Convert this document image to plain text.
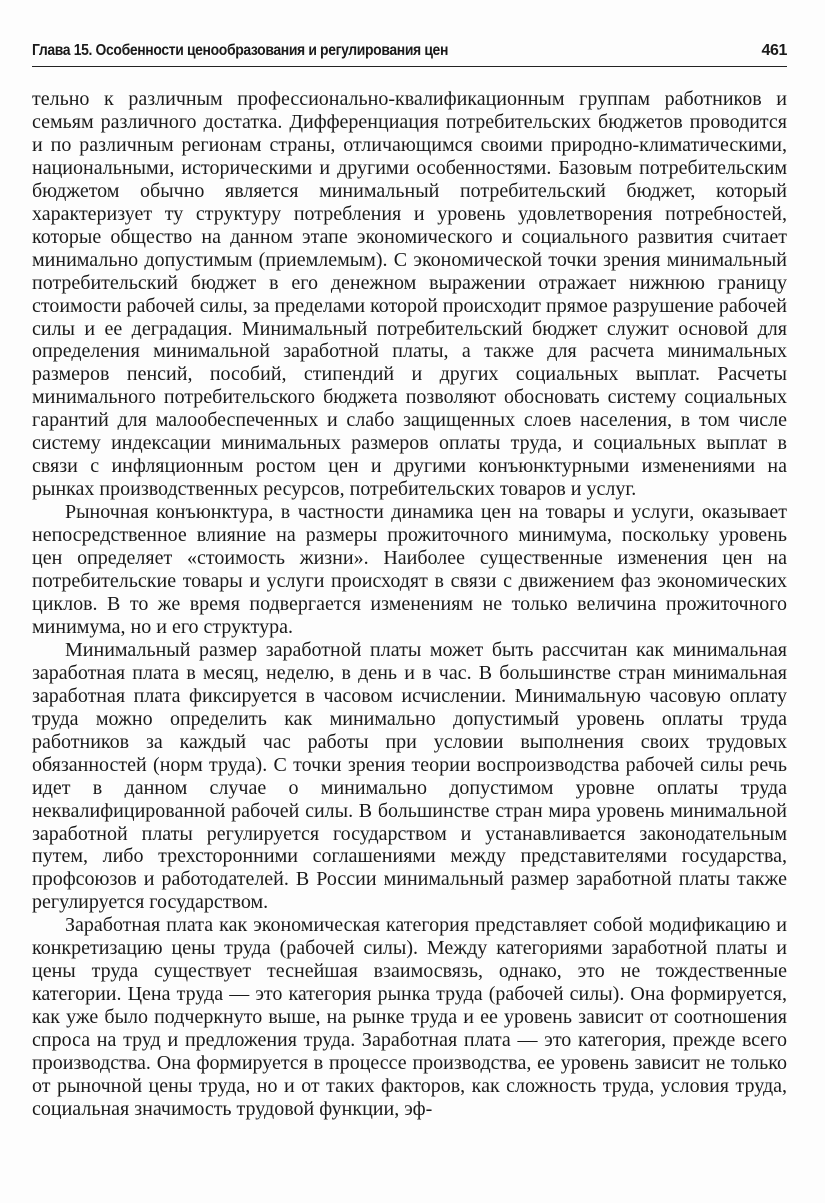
Глава 15. Особенности ценообразования и регулирования цен	461

тельно к различным профессионально-квалификационным группам работников и семьям различного достатка. Дифференциация потребительских бюджетов проводится и по различным регионам страны, отличающимся своими природно-климатическими, национальными, историческими и другими особенностями. Базовым потребительским бюджетом обычно является минимальный потребительский бюджет, который характеризует ту структуру потребления и уровень удовлетворения потребностей, которые общество на данном этапе экономического и социального развития считает минимально допустимым (приемлемым). С экономической точки зрения минимальный потребительский бюджет в его денежном выражении отражает нижнюю границу стоимости рабочей силы, за пределами которой происходит прямое разрушение рабочей силы и ее деградация. Минимальный потребительский бюджет служит основой для определения минимальной заработной платы, а также для расчета минимальных размеров пенсий, пособий, стипендий и других социальных выплат. Расчеты минимального потребительского бюджета позволяют обосновать систему социальных гарантий для малообеспеченных и слабо защищенных слоев населения, в том числе систему индексации минимальных размеров оплаты труда, и социальных выплат в связи с инфляционным ростом цен и другими конъюнктурными изменениями на рынках производственных ресурсов, потребительских товаров и услуг.

Рыночная конъюнктура, в частности динамика цен на товары и услуги, оказывает непосредственное влияние на размеры прожиточного минимума, поскольку уровень цен определяет «стоимость жизни». Наиболее существенные изменения цен на потребительские товары и услуги происходят в связи с движением фаз экономических циклов. В то же время подвергается изменениям не только величина прожиточного минимума, но и его структура.

Минимальный размер заработной платы может быть рассчитан как минимальная заработная плата в месяц, неделю, в день и в час. В большинстве стран минимальная заработная плата фиксируется в часовом исчислении. Минимальную часовую оплату труда можно определить как минимально допустимый уровень оплаты труда работников за каждый час работы при условии выполнения своих трудовых обязанностей (норм труда). С точки зрения теории воспроизводства рабочей силы речь идет в данном случае о минимально допустимом уровне оплаты труда неквалифицированной рабочей силы. В большинстве стран мира уровень минимальной заработной платы регулируется государством и устанавливается законодательным путем, либо трехсторонними соглашениями между представителями государства, профсоюзов и работодателей. В России минимальный размер заработной платы также регулируется государством.

Заработная плата как экономическая категория представляет собой модификацию и конкретизацию цены труда (рабочей силы). Между категориями заработной платы и цены труда существует теснейшая взаимосвязь, однако, это не тождественные категории. Цена труда — это категория рынка труда (рабочей силы). Она формируется, как уже было подчеркнуто выше, на рынке труда и ее уровень зависит от соотношения спроса на труд и предложения труда. Заработная плата — это категория, прежде всего производства. Она формируется в процессе производства, ее уровень зависит не только от рыночной цены труда, но и от таких факторов, как сложность труда, условия труда, социальная значимость трудовой функции, эф-
